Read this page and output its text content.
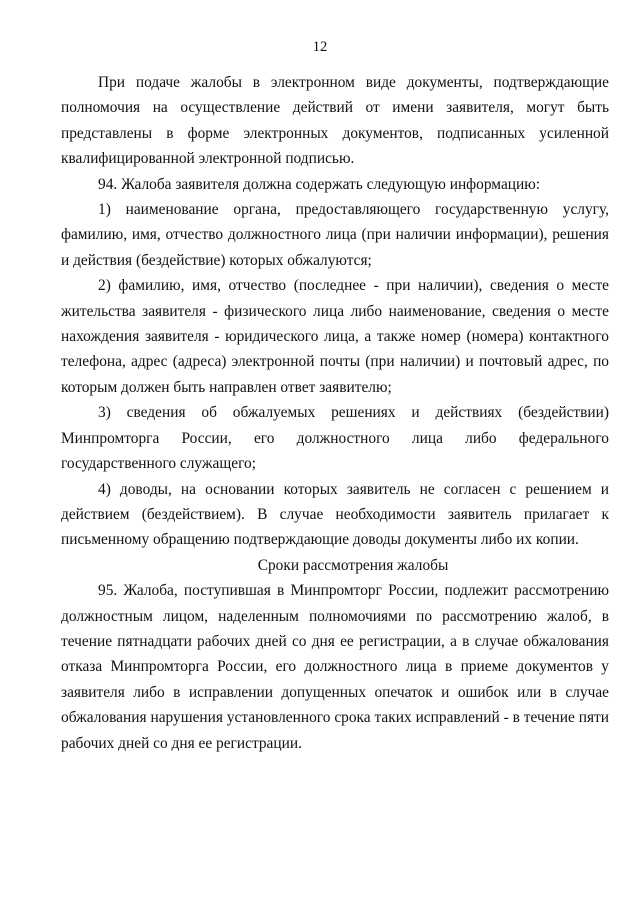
12

При подаче жалобы в электронном виде документы, подтверждающие полномочия на осуществление действий от имени заявителя, могут быть представлены в форме электронных документов, подписанных усиленной квалифицированной электронной подписью.

94. Жалоба заявителя должна содержать следующую информацию:

1) наименование органа, предоставляющего государственную услугу, фамилию, имя, отчество должностного лица (при наличии информации), решения и действия (бездействие) которых обжалуются;

2) фамилию, имя, отчество (последнее - при наличии), сведения о месте жительства заявителя - физического лица либо наименование, сведения о месте нахождения заявителя - юридического лица, а также номер (номера) контактного телефона, адрес (адреса) электронной почты (при наличии) и почтовый адрес, по которым должен быть направлен ответ заявителю;

3) сведения об обжалуемых решениях и действиях (бездействии) Минпромторга России, его должностного лица либо федерального государственного служащего;

4) доводы, на основании которых заявитель не согласен с решением и действием (бездействием). В случае необходимости заявитель прилагает к письменному обращению подтверждающие доводы документы либо их копии.

Сроки рассмотрения жалобы

95. Жалоба, поступившая в Минпромторг России, подлежит рассмотрению должностным лицом, наделенным полномочиями по рассмотрению жалоб, в течение пятнадцати рабочих дней со дня ее регистрации, а в случае обжалования отказа Минпромторга России, его должностного лица в приеме документов у заявителя либо в исправлении допущенных опечаток и ошибок или в случае обжалования нарушения установленного срока таких исправлений - в течение пяти рабочих дней со дня ее регистрации.
